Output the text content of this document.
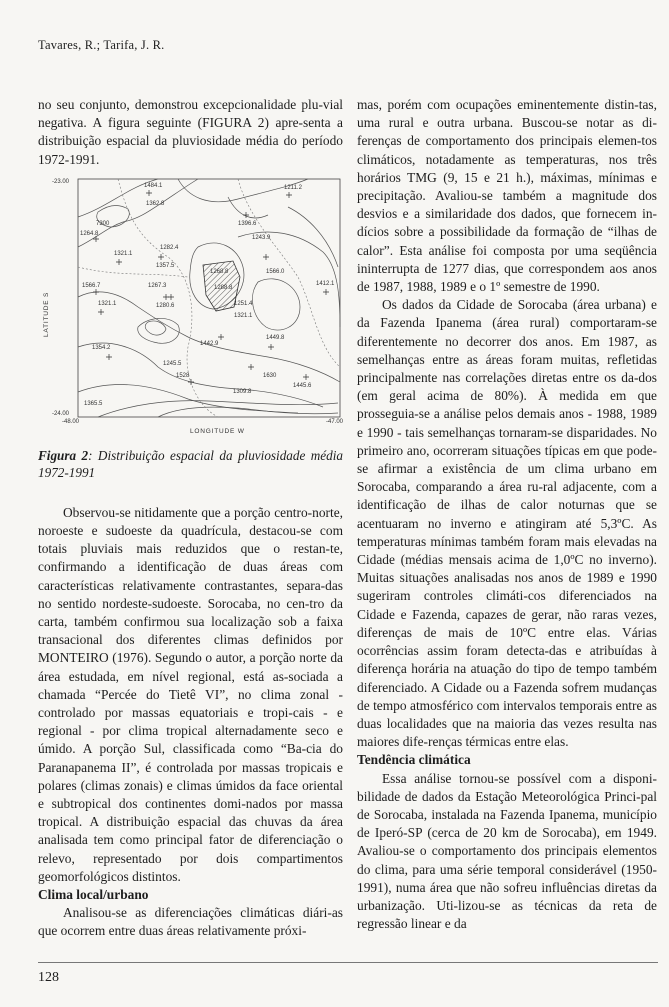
Tavares, R.; Tarifa, J. R.

no seu conjunto, demonstrou excepcionalidade plu-vial negativa. A figura seguinte (FIGURA 2) apre-senta a distribuição espacial da pluviosidade média do período 1972-1991.

-23.00
-24.00
-48.00	-47.00
LONGITUDE W
LATITUDE S
1484.1	1211.2
7300	1396.6
1362.8
1264.8
1243.9
1282.4
1357.5
1321.1
1566.7	1267.3
1268.8
1288.8
1566.0
1321.1	1280.6	1251.4
1321.1
1412.1
1354.2
1442.9
1449.8
1245.5
1528	1630
1445.6
1309.8
1365.5

Figura 2: Distribuição espacial da pluviosidade média 1972-1991

Observou-se nitidamente que a porção centro-norte, noroeste e sudoeste da quadrícula, destacou-se com totais pluviais mais reduzidos que o restan-te, confirmando a identificação de duas áreas com características relativamente contrastantes, separa-das no sentido nordeste-sudoeste. Sorocaba, no cen-tro da carta, também confirmou sua localização sob a faixa transacional dos diferentes climas definidos por MONTEIRO (1976). Segundo o autor, a porção norte da área estudada, em nível regional, está as-sociada a chamada “Percée do Tietê VI”, no clima zonal - controlado por massas equatoriais e tropi-cais - e regional - por clima tropical alternadamente seco e úmido. A porção Sul, classificada como “Ba-cia do Paranapanema II”, é controlada por massas tropicais e polares (climas zonais) e climas úmidos da face oriental e subtropical dos continentes domi-nados por massa tropical. A distribuição espacial das chuvas da área analisada tem como principal fator de diferenciação o relevo, representado por dois compartimentos geomorfológicos distintos.

Clima local/urbano

Analisou-se as diferenciações climáticas diári-as que ocorrem entre duas áreas relativamente próxi-

mas, porém com ocupações eminentemente distin-tas, uma rural e outra urbana. Buscou-se notar as di-ferenças de comportamento dos principais elemen-tos climáticos, notadamente as temperaturas, nos três horários TMG (9, 15 e 21 h.), máximas, mínimas e precipitação. Avaliou-se também a magnitude dos desvios e a similaridade dos dados, que fornecem in-dícios sobre a possibilidade da formação de “ilhas de calor”. Esta análise foi composta por uma seqüência ininterrupta de 1277 dias, que correspondem aos anos de 1987, 1988, 1989 e o 1º semestre de 1990.

Os dados da Cidade de Sorocaba (área urbana) e da Fazenda Ipanema (área rural) comportaram-se diferentemente no decorrer dos anos. Em 1987, as semelhanças entre as áreas foram muitas, refletidas principalmente nas correlações diretas entre os da-dos (em geral acima de 80%). À medida em que prosseguia-se a análise pelos demais anos - 1988, 1989 e 1990 - tais semelhanças tornaram-se disparidades. No primeiro ano, ocorreram situações típicas em que pode-se afirmar a existência de um clima urbano em Sorocaba, comparando a área ru-ral adjacente, com a identificação de ilhas de calor noturnas que se acentuaram no inverno e atingiram até 5,3ºC. As temperaturas mínimas também foram mais elevadas na Cidade (médias mensais acima de 1,0ºC no inverno). Muitas situações analisadas nos anos de 1989 e 1990 sugeriram controles climáti-cos diferenciados na Cidade e Fazenda, capazes de gerar, não raras vezes, diferenças de mais de 10ºC entre elas. Várias ocorrências assim foram detecta-das e atribuídas à diferença horária na atuação do tipo de tempo também diferenciado. A Cidade ou a Fazenda sofrem mudanças de tempo atmosférico com intervalos temporais entre as duas localidades que na maioria das vezes resulta nas maiores dife-renças térmicas entre elas.

Tendência climática

Essa análise tornou-se possível com a disponi-bilidade de dados da Estação Meteorológica Princi-pal de Sorocaba, instalada na Fazenda Ipanema, município de Iperó-SP (cerca de 20 km de Sorocaba), em 1949. Avaliou-se o comportamento dos principais elementos do clima, para uma série temporal considerável (1950-1991), numa área que não sofreu influências diretas da urbanização. Uti-lizou-se as técnicas da reta de regressão linear e da

128
